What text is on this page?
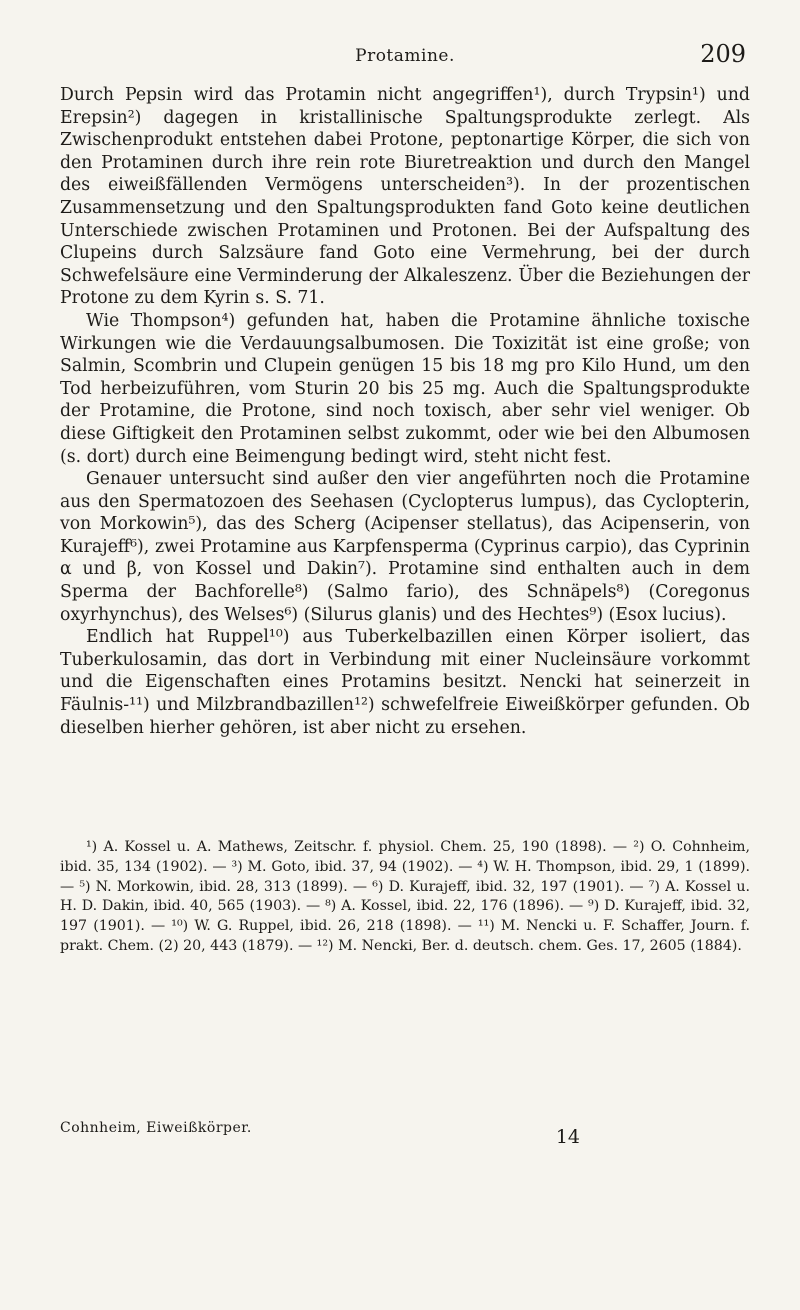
Protamine.	209

Durch Pepsin wird das Protamin nicht angegriffen¹), durch Trypsin¹) und Erepsin²) dagegen in kristallinische Spaltungsprodukte zerlegt. Als Zwischenprodukt entstehen dabei Protone, peptonartige Körper, die sich von den Protaminen durch ihre rein rote Biuretreaktion und durch den Mangel des eiweißfällenden Vermögens unterscheiden³). In der prozentischen Zusammensetzung und den Spaltungsprodukten fand Goto keine deutlichen Unterschiede zwischen Protaminen und Protonen. Bei der Aufspaltung des Clupeins durch Salzsäure fand Goto eine Vermehrung, bei der durch Schwefelsäure eine Verminderung der Alkaleszenz. Über die Beziehungen der Protone zu dem Kyrin s. S. 71.

Wie Thompson⁴) gefunden hat, haben die Protamine ähnliche toxische Wirkungen wie die Verdauungsalbumosen. Die Toxizität ist eine große; von Salmin, Scombrin und Clupein genügen 15 bis 18 mg pro Kilo Hund, um den Tod herbeizuführen, vom Sturin 20 bis 25 mg. Auch die Spaltungsprodukte der Protamine, die Protone, sind noch toxisch, aber sehr viel weniger. Ob diese Giftigkeit den Protaminen selbst zukommt, oder wie bei den Albumosen (s. dort) durch eine Beimengung bedingt wird, steht nicht fest.

Genauer untersucht sind außer den vier angeführten noch die Protamine aus den Spermatozoen des Seehasen (Cyclopterus lumpus), das Cyclopterin, von Morkowin⁵), das des Scherg (Acipenser stellatus), das Acipenserin, von Kurajeff⁶), zwei Protamine aus Karpfensperma (Cyprinus carpio), das Cyprinin α und β, von Kossel und Dakin⁷). Protamine sind enthalten auch in dem Sperma der Bachforelle⁸) (Salmo fario), des Schnäpels⁸) (Coregonus oxyrhynchus), des Welses⁶) (Silurus glanis) und des Hechtes⁹) (Esox lucius).

Endlich hat Ruppel¹⁰) aus Tuberkelbazillen einen Körper isoliert, das Tuberkulosamin, das dort in Verbindung mit einer Nucleinsäure vorkommt und die Eigenschaften eines Protamins besitzt. Nencki hat seinerzeit in Fäulnis-¹¹) und Milzbrandbazillen¹²) schwefelfreie Eiweißkörper gefunden. Ob dieselben hierher gehören, ist aber nicht zu ersehen.

¹) A. Kossel u. A. Mathews, Zeitschr. f. physiol. Chem. 25, 190 (1898). — ²) O. Cohnheim, ibid. 35, 134 (1902). — ³) M. Goto, ibid. 37, 94 (1902). — ⁴) W. H. Thompson, ibid. 29, 1 (1899). — ⁵) N. Morkowin, ibid. 28, 313 (1899). — ⁶) D. Kurajeff, ibid. 32, 197 (1901). — ⁷) A. Kossel u. H. D. Dakin, ibid. 40, 565 (1903). — ⁸) A. Kossel, ibid. 22, 176 (1896). — ⁹) D. Kurajeff, ibid. 32, 197 (1901). — ¹⁰) W. G. Ruppel, ibid. 26, 218 (1898). — ¹¹) M. Nencki u. F. Schaffer, Journ. f. prakt. Chem. (2) 20, 443 (1879). — ¹²) M. Nencki, Ber. d. deutsch. chem. Ges. 17, 2605 (1884).

Cohnheim, Eiweißkörper.	14
